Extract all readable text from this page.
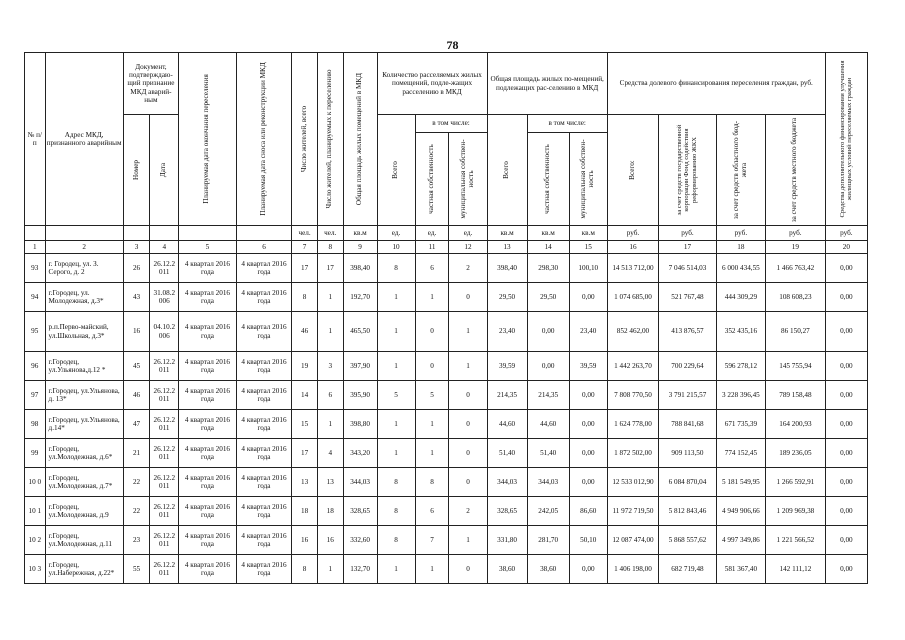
78
№ п/ п	Адрес МКД, признанного аварийным	Документ, подтверждаю-щий признание МКД аварий-ным		Планируемая дата окончания переселения	Планируемая дата сноса или реконструкции МКД	Число жителей, всего	Число жителей, планируемых к переселению	Общая площадь жилых помещений в МКД	Количество расселяемых жилых помещений, подле-жащих расселению в МКД			Общая площадь жилых по-мещений, подлежащих рас-селению в МКД			Средства долевого финансирования переселения граждан, руб.				Средства дополнительного финансирования улучшения жилищных условий переселяемых граждан

		Номер	Дата						Всего	в том числе:		Всего	в том числе:		Всего:	за счет средств государственной корпорации Фонд содействия реформированию ЖКХ	за счет средств областного бюд-жета	за счет средств местного бюджета	

										частная собственность	муниципальная собствен-ность		частная собственность	муниципальная собствен-ность					

						чел.	чел.	кв.м	ед.	ед.	ед.	кв.м	кв.м	кв.м	руб.	руб.	руб.	руб.	руб.
1	2	3	4	5	6	7	8	9	10	11	12	13	14	15	16	17	18	19	20
93	г. Городец, ул. З. Серого, д. 2	26	26.12.2 011	4 квартал 2016 года	4 квартал 2016 года	17	17	398,40	8	6	2	398,40	298,30	100,10	14 513 712,00	7 046 514,03	6 000 434,55	1 466 763,42	0,00
94	г.Городец, ул. Молодежная, д.3*	43	31.08.2 006	4 квартал 2016 года	4 квартал 2016 года	8	1	192,70	1	1	0	29,50	29,50	0,00	1 074 685,00	521 767,48	444 309,29	108 608,23	0,00
95	р.п.Перво-майский, ул.Школьная, д.3*	16	04.10.2 006	4 квартал 2016 года	4 квартал 2016 года	46	1	465,50	1	0	1	23,40	0,00	23,40	852 462,00	413 876,57	352 435,16	86 150,27	0,00
96	г.Городец, ул.Ульянова,д.12 *	45	26.12.2 011	4 квартал 2016 года	4 квартал 2016 года	19	3	397,90	1	0	1	39,59	0,00	39,59	1 442 263,70	700 229,64	596 278,12	145 755,94	0,00
97	г.Городец, ул.Ульянова, д. 13*	46	26.12.2 011	4 квартал 2016 года	4 квартал 2016 года	14	6	395,90	5	5	0	214,35	214,35	0,00	7 808 770,50	3 791 215,57	3 228 396,45	789 158,48	0,00
98	г.Городец, ул.Ульянова, д.14*	47	26.12.2 011	4 квартал 2016 года	4 квартал 2016 года	15	1	398,80	1	1	0	44,60	44,60	0,00	1 624 778,00	788 841,68	671 735,39	164 200,93	0,00
99	г.Городец, ул.Молодежная, д.6*	21	26.12.2 011	4 квартал 2016 года	4 квартал 2016 года	17	4	343,20	1	1	0	51,40	51,40	0,00	1 872 502,00	909 113,50	774 152,45	189 236,05	0,00
10 0	г.Городец, ул.Молодежная, д.7*	22	26.12.2 011	4 квартал 2016 года	4 квартал 2016 года	13	13	344,03	8	8	0	344,03	344,03	0,00	12 533 012,90	6 084 870,04	5 181 549,95	1 266 592,91	0,00
10 1	г.Городец, ул.Молодежная, д.9	22	26.12.2 011	4 квартал 2016 года	4 квартал 2016 года	18	18	328,65	8	6	2	328,65	242,05	86,60	11 972 719,50	5 812 843,46	4 949 906,66	1 209 969,38	0,00
10 2	г.Городец, ул.Молодежная, д.11	23	26.12.2 011	4 квартал 2016 года	4 квартал 2016 года	16	16	332,60	8	7	1	331,80	281,70	50,10	12 087 474,00	5 868 557,62	4 997 349,86	1 221 566,52	0,00
10 3	г.Городец, ул.Набережная, д.22*	55	26.12.2 011	4 квартал 2016 года	4 квартал 2016 года	8	1	132,70	1	1	0	38,60	38,60	0,00	1 406 198,00	682 719,48	581 367,40	142 111,12	0,00
